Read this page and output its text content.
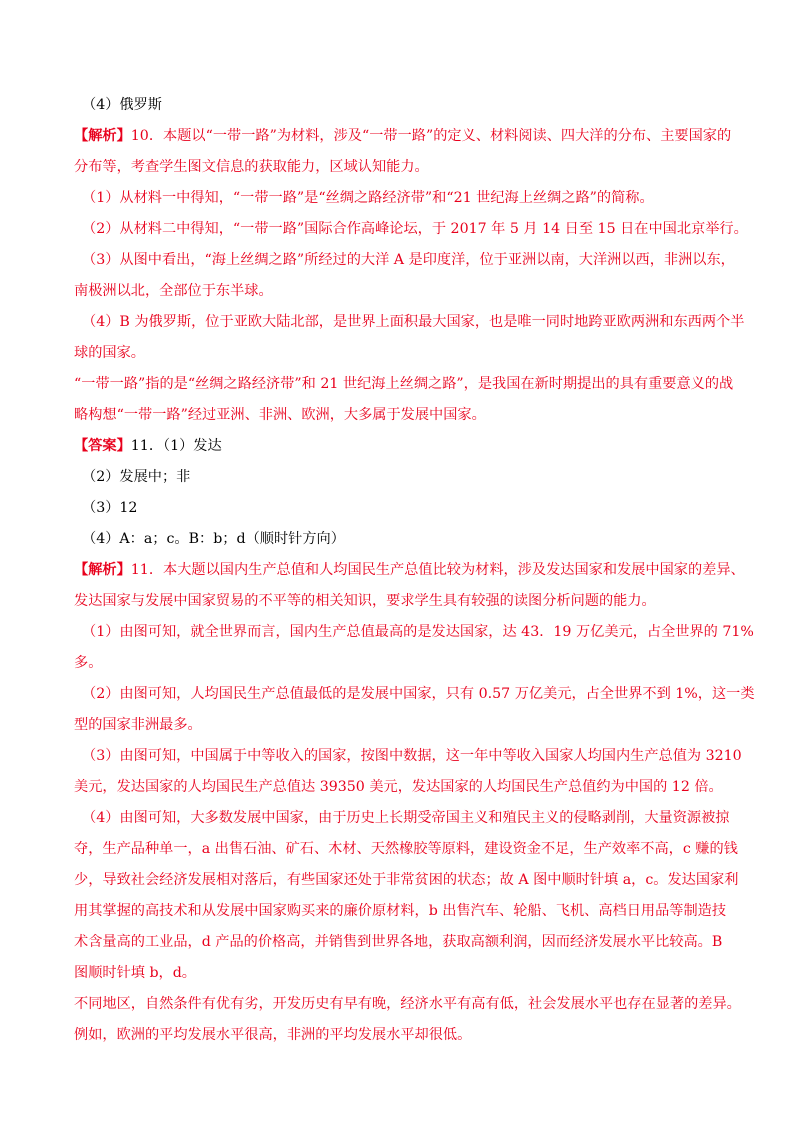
（4）俄罗斯
【解析】10．本题以“一带一路”为材料，涉及“一带一路”的定义、材料阅读、四大洋的分布、主要国家的
分布等，考查学生图文信息的获取能力，区域认知能力。
（1）从材料一中得知，“一带一路”是“丝绸之路经济带”和“21 世纪海上丝绸之路”的简称。
（2）从材料二中得知，“一带一路”国际合作高峰论坛，于 2017 年 5 月 14 日至 15 日在中国北京举行。
（3）从图中看出，“海上丝绸之路”所经过的大洋 A 是印度洋，位于亚洲以南，大洋洲以西，非洲以东，
南极洲以北，全部位于东半球。
（4）B 为俄罗斯，位于亚欧大陆北部，是世界上面积最大国家，也是唯一同时地跨亚欧两洲和东西两个半
球的国家。
“一带一路”指的是“丝绸之路经济带”和 21 世纪海上丝绸之路”，是我国在新时期提出的具有重要意义的战
略构想“一带一路”经过亚洲、非洲、欧洲，大多属于发展中国家。
【答案】11．（1）发达
（2）发展中；非
（3）12
（4）A：a；c。B：b；d（顺时针方向）
【解析】11．本大题以国内生产总值和人均国民生产总值比较为材料，涉及发达国家和发展中国家的差异、
发达国家与发展中国家贸易的不平等的相关知识，要求学生具有较强的读图分析问题的能力。
（1）由图可知，就全世界而言，国内生产总值最高的是发达国家，达 43．19 万亿美元，占全世界的 71%
多。
（2）由图可知，人均国民生产总值最低的是发展中国家，只有 0.57 万亿美元，占全世界不到 1%，这一类
型的国家非洲最多。
（3）由图可知，中国属于中等收入的国家，按图中数据，这一年中等收入国家人均国内生产总值为 3210
美元，发达国家的人均国民生产总值达 39350 美元，发达国家的人均国民生产总值约为中国的 12 倍。
（4）由图可知，大多数发展中国家，由于历史上长期受帝国主义和殖民主义的侵略剥削，大量资源被掠
夺，生产品种单一，a 出售石油、矿石、木材、天然橡胶等原料，建设资金不足，生产效率不高，c 赚的钱
少，导致社会经济发展相对落后，有些国家还处于非常贫困的状态；故 A 图中顺时针填 a，c。发达国家利
用其掌握的高技术和从发展中国家购买来的廉价原材料，b 出售汽车、轮船、飞机、高档日用品等制造技
术含量高的工业品，d 产品的价格高，并销售到世界各地，获取高额利润，因而经济发展水平比较高。B
图顺时针填 b，d。
不同地区，自然条件有优有劣，开发历史有早有晚，经济水平有高有低，社会发展水平也存在显著的差异。
例如，欧洲的平均发展水平很高，非洲的平均发展水平却很低。
